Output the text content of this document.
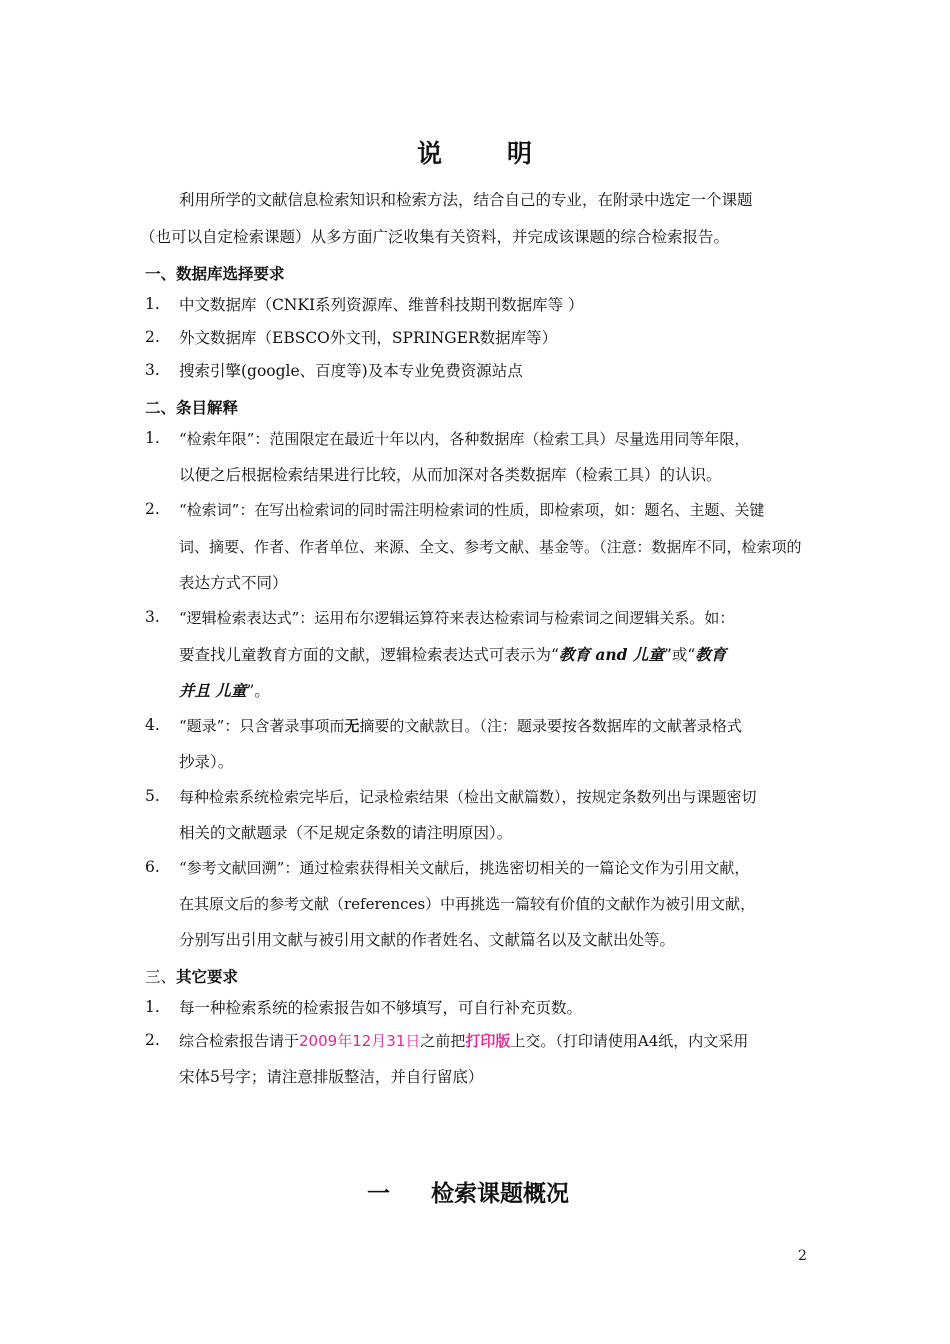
说	明
利用所学的文献信息检索知识和检索方法，结合自己的专业，在附录中选定一个课题
（也可以自定检索课题）从多方面广泛收集有关资料，并完成该课题的综合检索报告。
一、数据库选择要求
1. 中文数据库（CNKI系列资源库、维普科技期刊数据库等 ）
2. 外文数据库（EBSCO外文刊，SPRINGER数据库等）
3. 搜索引擎(google、百度等)及本专业免费资源站点
二、条目解释
1. “检索年限”：范围限定在最近十年以内，各种数据库（检索工具）尽量选用同等年限，
以便之后根据检索结果进行比较，从而加深对各类数据库（检索工具）的认识。
2. “检索词”：在写出检索词的同时需注明检索词的性质，即检索项，如：题名、主题、关键
词、摘要、作者、作者单位、来源、全文、参考文献、基金等。（注意：数据库不同，检索项的
表达方式不同）
3. “逻辑检索表达式”：运用布尔逻辑运算符来表达检索词与检索词之间逻辑关系。如：
要查找儿童教育方面的文献，逻辑检索表达式可表示为“教育 and 儿童”或“教育
并且 儿童”。
4. “题录”：只含著录事项而无摘要的文献款目。（注：题录要按各数据库的文献著录格式
抄录）。
5. 每种检索系统检索完毕后，记录检索结果（检出文献篇数），按规定条数列出与课题密切
相关的文献题录（不足规定条数的请注明原因）。
6. “参考文献回溯”：通过检索获得相关文献后，挑选密切相关的一篇论文作为引用文献，
在其原文后的参考文献（references）中再挑选一篇较有价值的文献作为被引用文献，
分别写出引用文献与被引用文献的作者姓名、文献篇名以及文献出处等。
三、其它要求
1. 每一种检索系统的检索报告如不够填写，可自行补充页数。
2. 综合检索报告请于2009年12月31日之前把打印版上交。（打印请使用A4纸，内文采用
宋体5号字；请注意排版整洁，并自行留底）
一 检索课题概况
2
